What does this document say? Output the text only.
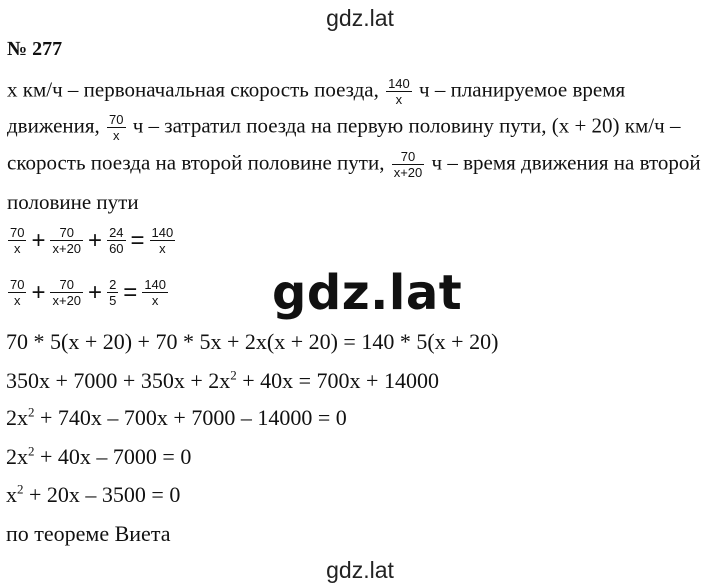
gdz.lat
№ 277
x км/ч – первоначальная скорость поезда, $\frac{140}{x}$ ч – планируемое время
движения, $\frac{70}{x}$ ч – затратил поезда на первую половину пути, (x + 20) км/ч –
скорость поезда на второй половине пути, $\frac{70}{x+20}$ ч – время движения на второй
половине пути
$\frac{70}{x} + \frac{70}{x+20} + \frac{24}{60} = \frac{140}{x}$
$\frac{70}{x} + \frac{70}{x+20} + \frac{2}{5} = \frac{140}{x} gdz.lat$
70 * 5(x + 20) + 70 * 5x + 2x(x + 20) = 140 * 5(x + 20)
$350x + 7000 + 350x + 2x^2 + 40x = 700x + 14000$
$2x^2 + 740x - 700x + 7000 - 14000 = 0$
$2x^2 + 40x - 7000 = 0$
$x^2 + 20x - 3500 = 0$
по теореме Виета
gdz.lat
